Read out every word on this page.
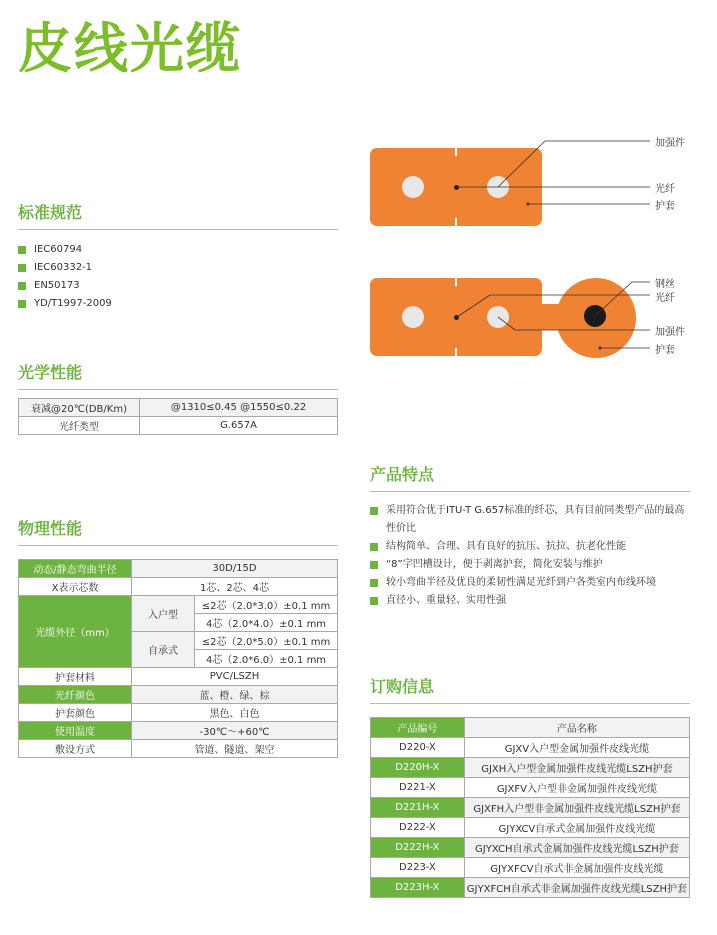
皮线光缆
标准规范
IEC60794
IEC60332-1
EN50173
YD/T1997-2009
光学性能
衰减@20℃(DB/Km)	@1310≤0.45 @1550≤0.22
光纤类型	G.657A
物理性能
动态/静态弯曲半径	30D/15D	
X表示芯数	1芯、2芯、4芯	
光缆外径（mm）	入户型	≤2芯（2.0*3.0）±0.1 mm
		4芯（2.0*4.0）±0.1 mm
	自承式	≤2芯（2.0*5.0）±0.1 mm
		4芯（2.0*6.0）±0.1 mm
护套材料	PVC/LSZH	
光纤颜色	蓝、橙、绿、棕	
护套颜色	黑色、白色	
使用温度	-30℃～+60℃	
敷设方式	管道、隧道、架空	
加强件
光纤
护套
钢丝
光纤
加强件
护套
产品特点
采用符合优于ITU-T G.657标准的纤芯，具有目前同类型产品的最高性价比
结构简单、合理、具有良好的抗压、抗拉、抗老化性能
“8”字凹槽设计，便于剥离护套，简化安装与维护
较小弯曲半径及优良的柔韧性满足光纤到户各类室内布线环境
直径小、重量轻、实用性强
订购信息
产品编号	产品名称
D220-X	GJXV入户型金属加强件皮线光缆
D220H-X	GJXH入户型金属加强件皮线光缆LSZH护套
D221-X	GJXFV入户型非金属加强件皮线光缆
D221H-X	GJXFH入户型非金属加强件皮线光缆LSZH护套
D222-X	GJYXCV自承式金属加强件皮线光缆
D222H-X	GJYXCH自承式金属加强件皮线光缆LSZH护套
D223-X	GJYXFCV自承式非金属加强件皮线光缆
D223H-X	GJYXFCH自承式非金属加强件皮线光缆LSZH护套
